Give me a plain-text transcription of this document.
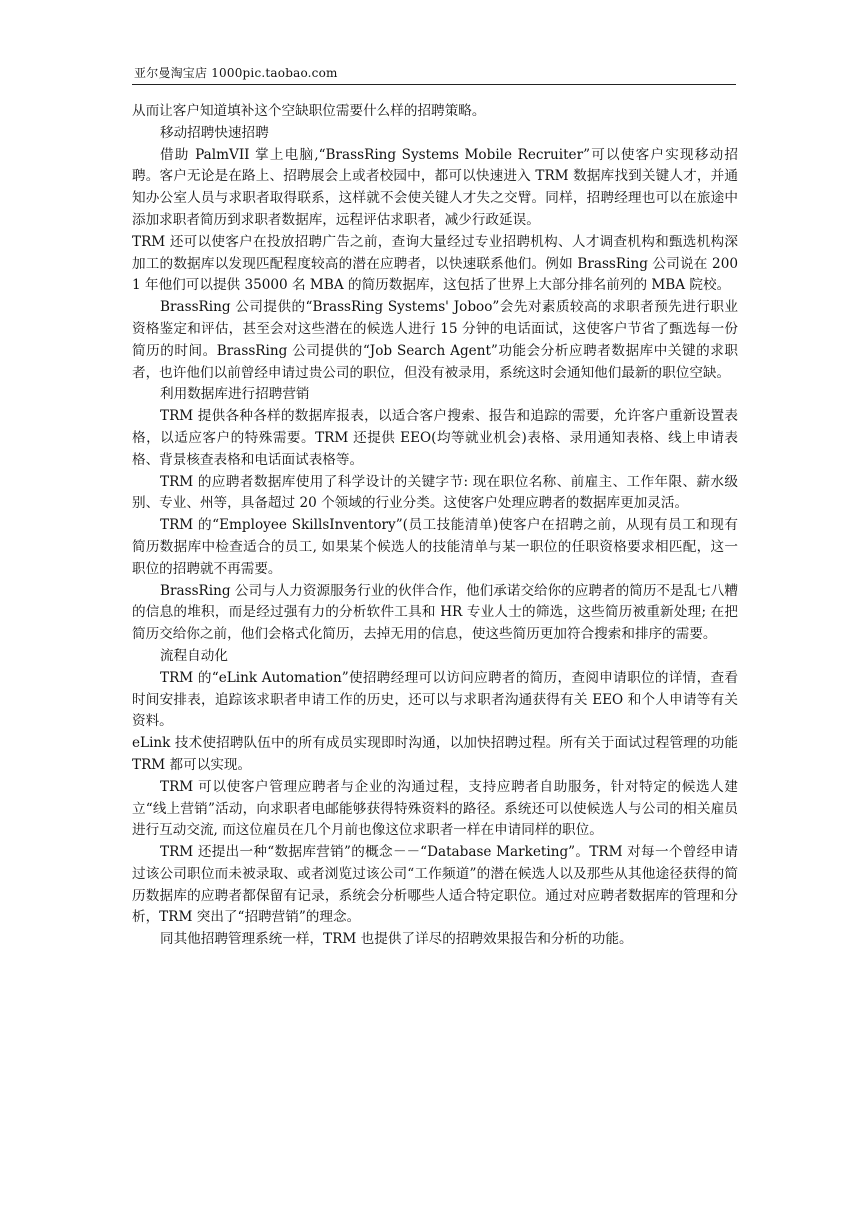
亚尔曼淘宝店 1000pic.taobao.com

从而让客户知道填补这个空缺职位需要什么样的招聘策略。

移动招聘快速招聘

借助 PalmVII 掌上电脑,“BrassRing Systems Mobile Recruiter”可以使客户实现移动招聘。客户无论是在路上、招聘展会上或者校园中，都可以快速进入 TRM 数据库找到关键人才，并通知办公室人员与求职者取得联系，这样就不会使关键人才失之交臂。同样，招聘经理也可以在旅途中添加求职者简历到求职者数据库，远程评估求职者，减少行政延误。

TRM 还可以使客户在投放招聘广告之前，查询大量经过专业招聘机构、人才调查机构和甄选机构深加工的数据库以发现匹配程度较高的潜在应聘者，以快速联系他们。例如 BrassRing 公司说在 2001 年他们可以提供 35000 名 MBA 的简历数据库，这包括了世界上大部分排名前列的 MBA 院校。

BrassRing 公司提供的“BrassRing Systems' Joboo”会先对素质较高的求职者预先进行职业资格鉴定和评估，甚至会对这些潜在的候选人进行 15 分钟的电话面试，这使客户节省了甄选每一份简历的时间。BrassRing 公司提供的“Job Search Agent”功能会分析应聘者数据库中关键的求职者，也许他们以前曾经申请过贵公司的职位，但没有被录用，系统这时会通知他们最新的职位空缺。

利用数据库进行招聘营销

TRM 提供各种各样的数据库报表，以适合客户搜索、报告和追踪的需要，允许客户重新设置表格，以适应客户的特殊需要。TRM 还提供 EEO(均等就业机会)表格、录用通知表格、线上申请表格、背景核查表格和电话面试表格等。

TRM 的应聘者数据库使用了科学设计的关键字节: 现在职位名称、前雇主、工作年限、薪水级别、专业、州等，具备超过 20 个领域的行业分类。这使客户处理应聘者的数据库更加灵活。

TRM 的“Employee SkillsInventory”(员工技能清单)使客户在招聘之前，从现有员工和现有简历数据库中检查适合的员工, 如果某个候选人的技能清单与某一职位的任职资格要求相匹配，这一职位的招聘就不再需要。

BrassRing 公司与人力资源服务行业的伙伴合作，他们承诺交给你的应聘者的简历不是乱七八糟的信息的堆积，而是经过强有力的分析软件工具和 HR 专业人士的筛选，这些简历被重新处理; 在把简历交给你之前，他们会格式化简历，去掉无用的信息，使这些简历更加符合搜索和排序的需要。

流程自动化

TRM 的“eLink Automation”使招聘经理可以访问应聘者的简历，查阅申请职位的详情，查看时间安排表，追踪该求职者申请工作的历史，还可以与求职者沟通获得有关 EEO 和个人申请等有关资料。

eLink 技术使招聘队伍中的所有成员实现即时沟通，以加快招聘过程。所有关于面试过程管理的功能 TRM 都可以实现。

TRM 可以使客户管理应聘者与企业的沟通过程，支持应聘者自助服务，针对特定的候选人建立“线上营销”活动，向求职者电邮能够获得特殊资料的路径。系统还可以使候选人与公司的相关雇员进行互动交流, 而这位雇员在几个月前也像这位求职者一样在申请同样的职位。

TRM 还提出一种“数据库营销”的概念－－“Database Marketing”。TRM 对每一个曾经申请过该公司职位而未被录取、或者浏览过该公司“工作频道”的潜在候选人以及那些从其他途径获得的简历数据库的应聘者都保留有记录，系统会分析哪些人适合特定职位。通过对应聘者数据库的管理和分析，TRM 突出了“招聘营销”的理念。

同其他招聘管理系统一样，TRM 也提供了详尽的招聘效果报告和分析的功能。
